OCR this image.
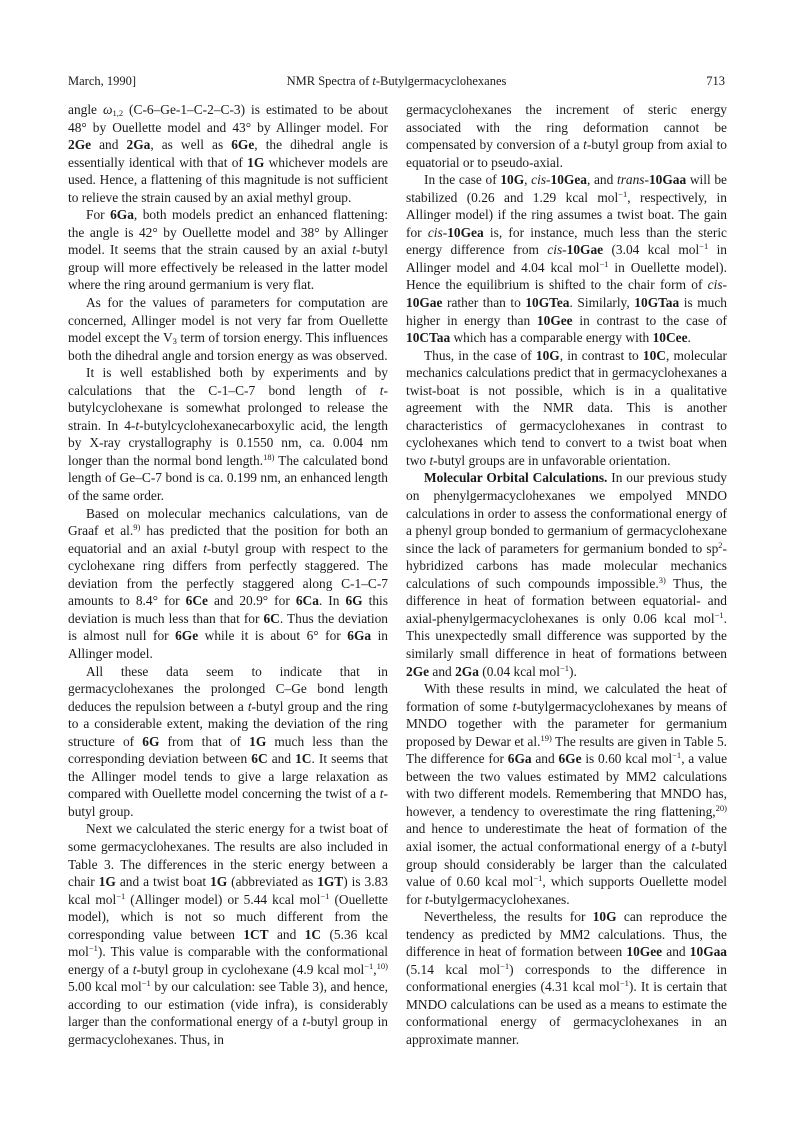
March, 1990]	NMR Spectra of t-Butylgermacyclohexanes	713

angle $\omega_{1,2}$ (C-6–Ge-1–C-2–C-3) is estimated to be about 48° by Ouellette model and 43° by Allinger model. For 2Ge and 2Ga, as well as 6Ge, the dihedral angle is essentially identical with that of 1G whichever models are used. Hence, a flattening of this magnitude is not sufficient to relieve the strain caused by an axial methyl group.

For 6Ga, both models predict an enhanced flattening: the angle is 42° by Ouellette model and 38° by Allinger model. It seems that the strain caused by an axial t-butyl group will more effectively be released in the latter model where the ring around germanium is very flat.

As for the values of parameters for computation are concerned, Allinger model is not very far from Ouellette model except the $V_3$ term of torsion energy. This influences both the dihedral angle and torsion energy as was observed.

It is well established both by experiments and by calculations that the C-1–C-7 bond length of t-butylcyclohexane is somewhat prolonged to release the strain. In 4-t-butylcyclohexanecarboxylic acid, the length by X-ray crystallography is 0.1550 nm, ca. 0.004 nm longer than the normal bond length.$^{18)}$ The calculated bond length of Ge–C-7 bond is ca. 0.199 nm, an enhanced length of the same order.

Based on molecular mechanics calculations, van de Graaf et al.$^{9)}$ has predicted that the position for both an equatorial and an axial t-butyl group with respect to the cyclohexane ring differs from perfectly staggered. The deviation from the perfectly staggered along C-1–C-7 amounts to 8.4° for 6Ce and 20.9° for 6Ca. In 6G this deviation is much less than that for 6C. Thus the deviation is almost null for 6Ge while it is about 6° for 6Ga in Allinger model.

All these data seem to indicate that in germacyclohexanes the prolonged C–Ge bond length deduces the repulsion between a t-butyl group and the ring to a considerable extent, making the deviation of the ring structure of 6G from that of 1G much less than the corresponding deviation between 6C and 1C. It seems that the Allinger model tends to give a large relaxation as compared with Ouellette model concerning the twist of a t-butyl group.

Next we calculated the steric energy for a twist boat of some germacyclohexanes. The results are also included in Table 3. The differences in the steric energy between a chair 1G and a twist boat 1G (abbreviated as 1GT) is 3.83 kcal mol$^{-1}$ (Allinger model) or 5.44 kcal mol$^{-1}$ (Ouellette model), which is not so much different from the corresponding value between 1CT and 1C (5.36 kcal mol$^{-1}$). This value is comparable with the conformational energy of a t-butyl group in cyclohexane (4.9 kcal mol$^{-1}$,$^{10)}$ 5.00 kcal mol$^{-1}$ by our calculation: see Table 3), and hence, according to our estimation (vide infra), is considerably larger than the conformational energy of a t-butyl group in germacyclohexanes. Thus, in

germacyclohexanes the increment of steric energy associated with the ring deformation cannot be compensated by conversion of a t-butyl group from axial to equatorial or to pseudo-axial.

In the case of 10G, cis-10Gea, and trans-10Gaa will be stabilized (0.26 and 1.29 kcal mol$^{-1}$, respectively, in Allinger model) if the ring assumes a twist boat. The gain for cis-10Gea is, for instance, much less than the steric energy difference from cis-10Gae (3.04 kcal mol$^{-1}$ in Allinger model and 4.04 kcal mol$^{-1}$ in Ouellette model). Hence the equilibrium is shifted to the chair form of cis-10Gae rather than to 10GTea. Similarly, 10GTaa is much higher in energy than 10Gee in contrast to the case of 10CTaa which has a comparable energy with 10Cee.

Thus, in the case of 10G, in contrast to 10C, molecular mechanics calculations predict that in germacyclohexanes a twist-boat is not possible, which is in a qualitative agreement with the NMR data. This is another characteristics of germacyclohexanes in contrast to cyclohexanes which tend to convert to a twist boat when two t-butyl groups are in unfavorable orientation.

Molecular Orbital Calculations. In our previous study on phenylgermacyclohexanes we empolyed MNDO calculations in order to assess the conformational energy of a phenyl group bonded to germanium of germacyclohexane since the lack of parameters for germanium bonded to $sp^2$-hybridized carbons has made molecular mechanics calculations of such compounds impossible.$^{3)}$ Thus, the difference in heat of formation between equatorial- and axial-phenylgermacyclohexanes is only 0.06 kcal mol$^{-1}$. This unexpectedly small difference was supported by the similarly small difference in heat of formations between 2Ge and 2Ga (0.04 kcal mol$^{-1}$).

With these results in mind, we calculated the heat of formation of some t-butylgermacyclohexanes by means of MNDO together with the parameter for germanium proposed by Dewar et al.$^{19)}$ The results are given in Table 5. The difference for 6Ga and 6Ge is 0.60 kcal mol$^{-1}$, a value between the two values estimated by MM2 calculations with two different models. Remembering that MNDO has, however, a tendency to overestimate the ring flattening,$^{20)}$ and hence to underestimate the heat of formation of the axial isomer, the actual conformational energy of a t-butyl group should considerably be larger than the calculated value of 0.60 kcal mol$^{-1}$, which supports Ouellette model for t-butylgermacyclohexanes.

Nevertheless, the results for 10G can reproduce the tendency as predicted by MM2 calculations. Thus, the difference in heat of formation between 10Gee and 10Gaa (5.14 kcal mol$^{-1}$) corresponds to the difference in conformational energies (4.31 kcal mol$^{-1}$). It is certain that MNDO calculations can be used as a means to estimate the conformational energy of germacyclohexanes in an approximate manner.
